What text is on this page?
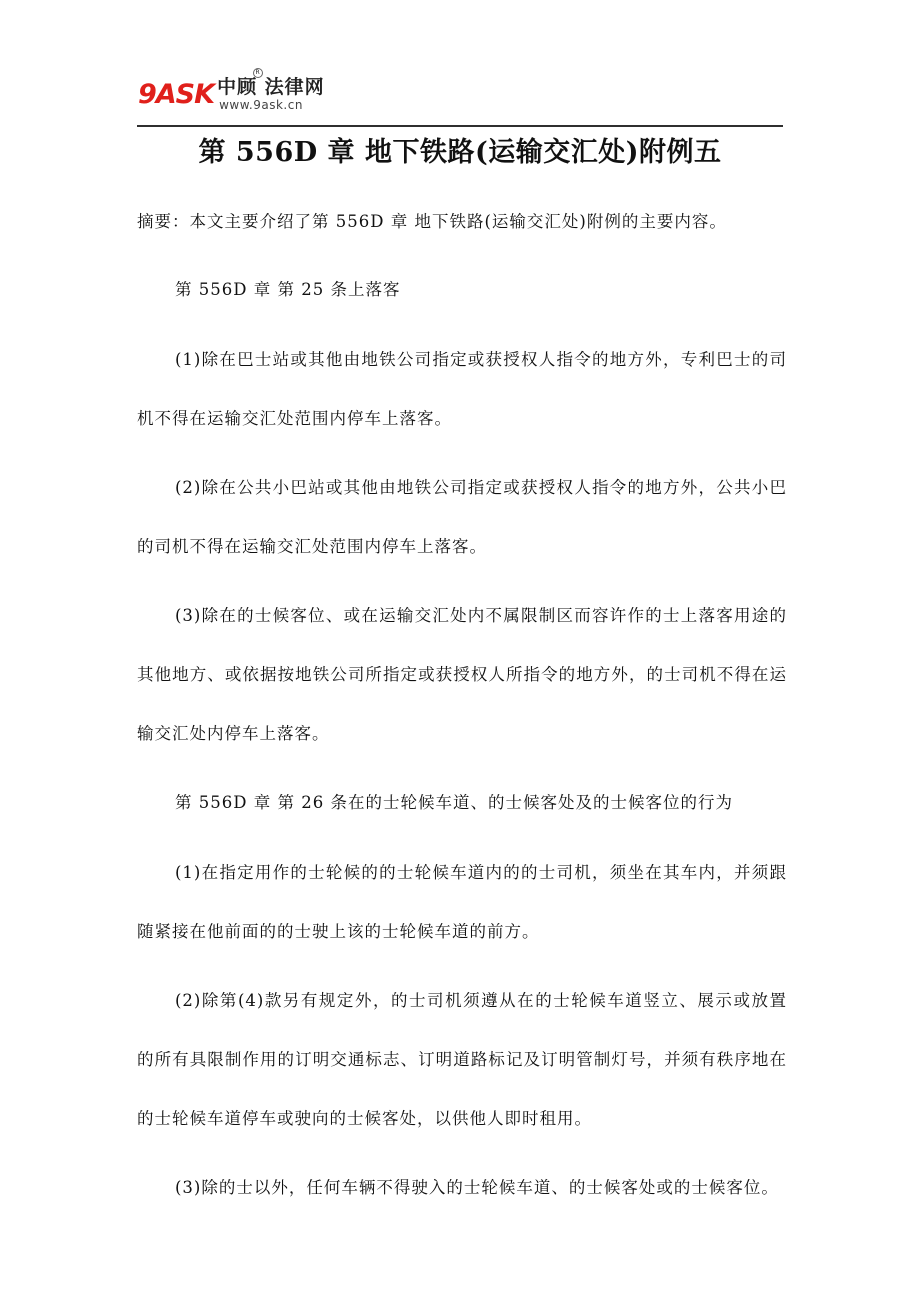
9ASK 中顾 法律网
R
www.9ask.cn
第 556D 章 地下铁路(运输交汇处)附例五

摘要：本文主要介绍了第 556D 章 地下铁路(运输交汇处)附例的主要内容。

第 556D 章 第 25 条上落客

(1)除在巴士站或其他由地铁公司指定或获授权人指令的地方外，专利巴士的司机不得在运输交汇处范围内停车上落客。

(2)除在公共小巴站或其他由地铁公司指定或获授权人指令的地方外，公共小巴的司机不得在运输交汇处范围内停车上落客。

(3)除在的士候客位、或在运输交汇处内不属限制区而容许作的士上落客用途的其他地方、或依据按地铁公司所指定或获授权人所指令的地方外，的士司机不得在运输交汇处内停车上落客。

第 556D 章 第 26 条在的士轮候车道、的士候客处及的士候客位的行为

(1)在指定用作的士轮候的的士轮候车道内的的士司机，须坐在其车内，并须跟随紧接在他前面的的士驶上该的士轮候车道的前方。

(2)除第(4)款另有规定外，的士司机须遵从在的士轮候车道竖立、展示或放置的所有具限制作用的订明交通标志、订明道路标记及订明管制灯号，并须有秩序地在的士轮候车道停车或驶向的士候客处，以供他人即时租用。

(3)除的士以外，任何车辆不得驶入的士轮候车道、的士候客处或的士候客位。
